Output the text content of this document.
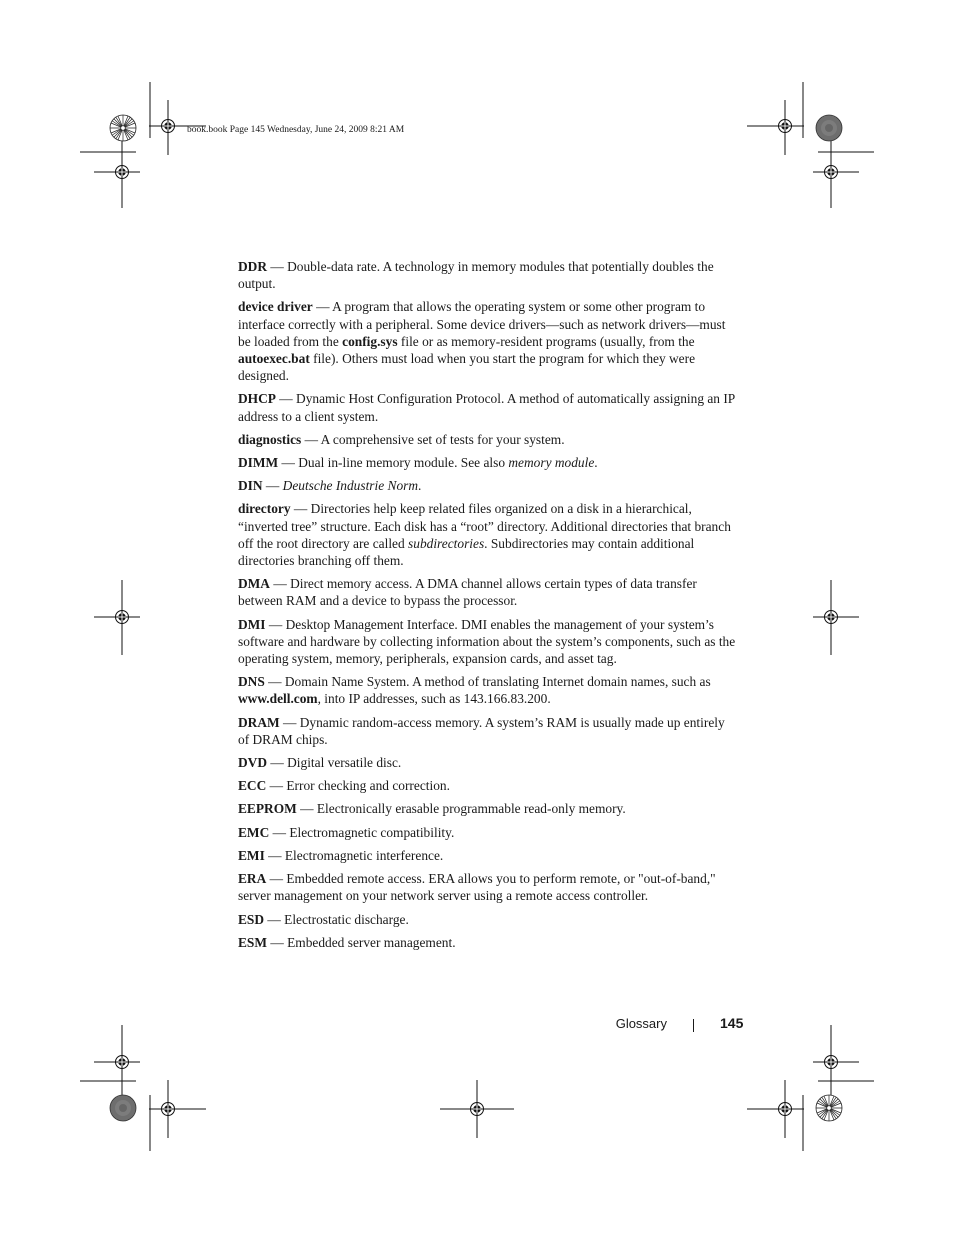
book.book Page 145 Wednesday, June 24, 2009 8:21 AM

DDR — Double-data rate. A technology in memory modules that potentially doubles the output.

device driver — A program that allows the operating system or some other program to interface correctly with a peripheral. Some device drivers—such as network drivers—must be loaded from the config.sys file or as memory-resident programs (usually, from the autoexec.bat file). Others must load when you start the program for which they were designed.

DHCP — Dynamic Host Configuration Protocol. A method of automatically assigning an IP address to a client system.

diagnostics — A comprehensive set of tests for your system.

DIMM — Dual in-line memory module. See also memory module.

DIN — Deutsche Industrie Norm.

directory — Directories help keep related files organized on a disk in a hierarchical, “inverted tree” structure. Each disk has a “root” directory. Additional directories that branch off the root directory are called subdirectories. Subdirectories may contain additional directories branching off them.

DMA — Direct memory access. A DMA channel allows certain types of data transfer between RAM and a device to bypass the processor.

DMI — Desktop Management Interface. DMI enables the management of your system’s software and hardware by collecting information about the system’s components, such as the operating system, memory, peripherals, expansion cards, and asset tag.

DNS — Domain Name System. A method of translating Internet domain names, such as www.dell.com, into IP addresses, such as 143.166.83.200.

DRAM — Dynamic random-access memory. A system’s RAM is usually made up entirely of DRAM chips.

DVD — Digital versatile disc.

ECC — Error checking and correction.

EEPROM — Electronically erasable programmable read-only memory.

EMC — Electromagnetic compatibility.

EMI — Electromagnetic interference.

ERA — Embedded remote access. ERA allows you to perform remote, or "out-of-band," server management on your network server using a remote access controller.

ESD — Electrostatic discharge.

ESM — Embedded server management.

Glossary	145
